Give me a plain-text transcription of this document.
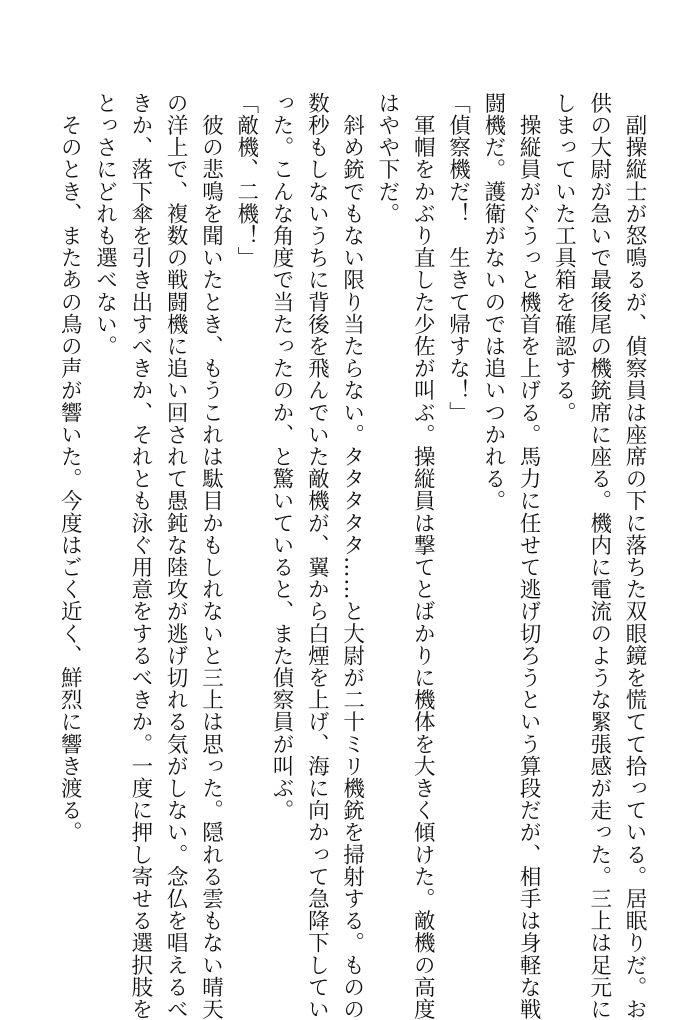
　副操縦士が怒鳴るが、偵察員は座席の下に落ちた双眼鏡を慌てて拾っている。居眠りだ。お
供の大尉が急いで最後尾の機銃席に座る。機内に電流のような緊張感が走った。三上は足元に
しまっていた工具箱を確認する。
　操縦員がぐうっと機首を上げる。馬力に任せて逃げ切ろうという算段だが、相手は身軽な戦
闘機だ。護衛がないのでは追いつかれる。
「偵察機だ！　生きて帰すな！」
　軍帽をかぶり直した少佐が叫ぶ。操縦員は撃てとばかりに機体を大きく傾けた。敵機の高度
はやや下だ。
　斜め銃でもない限り当たらない。タタタタタ……と大尉が二十ミリ機銃を掃射する。ものの
数秒もしないうちに背後を飛んでいた敵機が、翼から白煙を上げ、海に向かって急降下してい
った。こんな角度で当たったのか、と驚いていると、また偵察員が叫ぶ。
「敵機、二機！」
　彼の悲鳴を聞いたとき、もうこれは駄目かもしれないと三上は思った。隠れる雲もない晴天
の洋上で、複数の戦闘機に追い回されて愚鈍な陸攻が逃げ切れる気がしない。念仏を唱えるべ
きか、落下傘を引き出すべきか、それとも泳ぐ用意をするべきか。一度に押し寄せる選択肢を
とっさにどれも選べない。
　そのとき、またあの鳥の声が響いた。今度はごく近く、鮮烈に響き渡る。
